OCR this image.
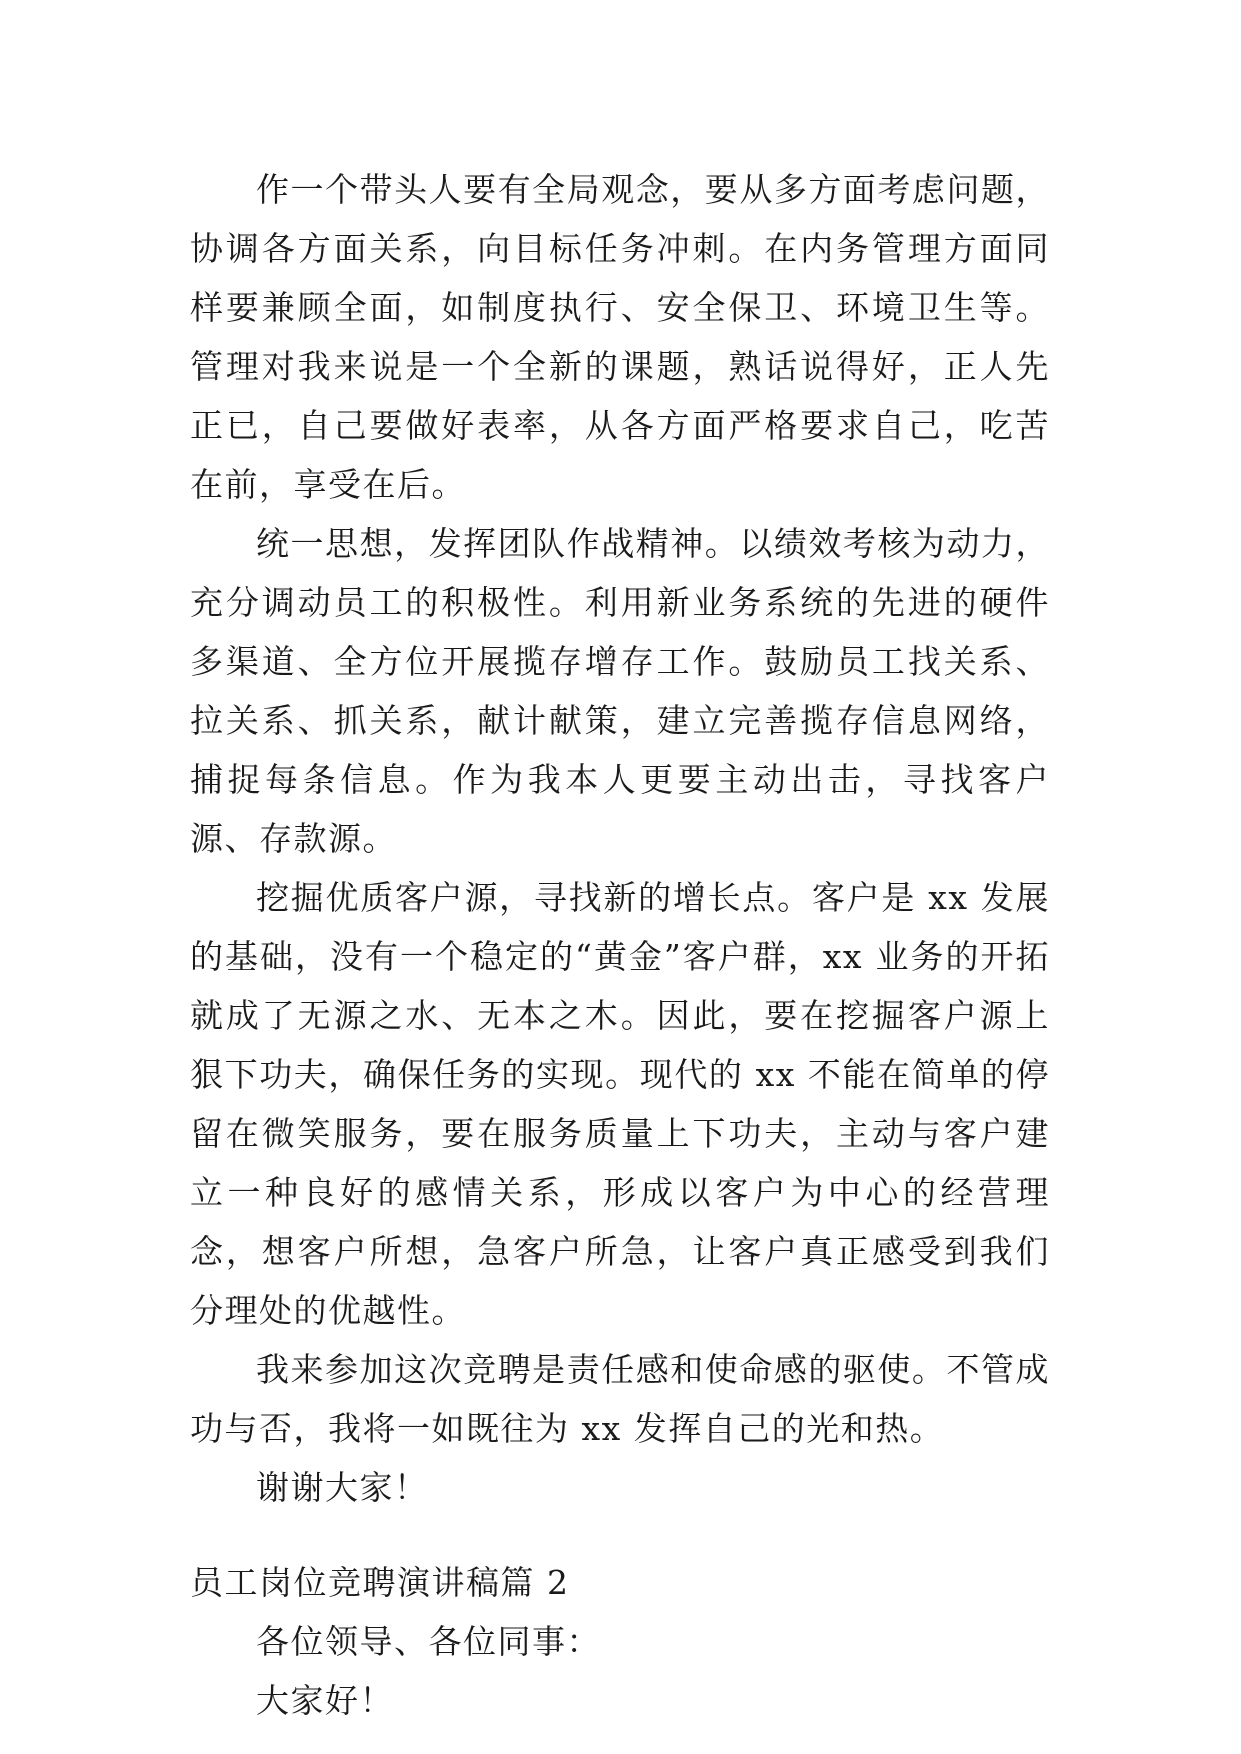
作一个带头人要有全局观念，要从多方面考虑问题，协调各方面关系，向目标任务冲刺。在内务管理方面同样要兼顾全面，如制度执行、安全保卫、环境卫生等。管理对我来说是一个全新的课题，熟话说得好，正人先正已，自己要做好表率，从各方面严格要求自己，吃苦在前，享受在后。

统一思想，发挥团队作战精神。以绩效考核为动力，充分调动员工的积极性。利用新业务系统的先进的硬件多渠道、全方位开展揽存增存工作。鼓励员工找关系、拉关系、抓关系，献计献策，建立完善揽存信息网络，捕捉每条信息。作为我本人更要主动出击，寻找客户源、存款源。

挖掘优质客户源，寻找新的增长点。客户是 xx 发展的基础，没有一个稳定的“黄金”客户群，xx 业务的开拓就成了无源之水、无本之木。因此，要在挖掘客户源上狠下功夫，确保任务的实现。现代的 xx 不能在简单的停留在微笑服务，要在服务质量上下功夫，主动与客户建立一种良好的感情关系，形成以客户为中心的经营理念，想客户所想，急客户所急，让客户真正感受到我们分理处的优越性。

我来参加这次竞聘是责任感和使命感的驱使。不管成功与否，我将一如既往为 xx 发挥自己的光和热。

谢谢大家！

员工岗位竞聘演讲稿篇 2

各位领导、各位同事：

大家好！
